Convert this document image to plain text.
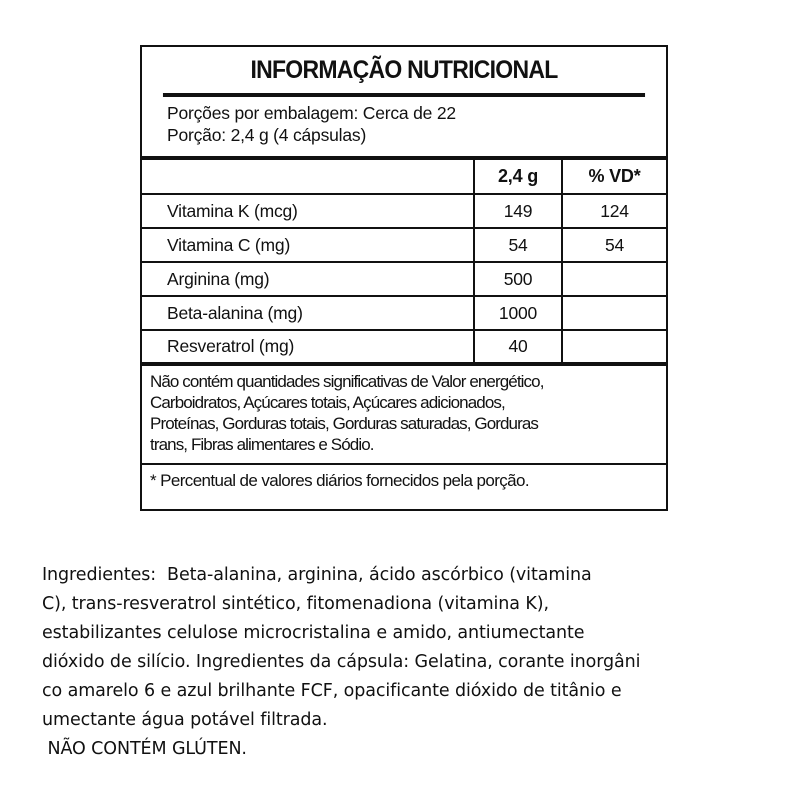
INFORMAÇÃO NUTRICIONAL
Porções por embalagem: Cerca de 22
Porção: 2,4 g (4 cápsulas)
	2,4 g	% VD*
Vitamina K (mcg)	149	124
Vitamina C (mg)	54	54
Arginina (mg)	500	
Beta-alanina (mg)	1000	
Resveratrol (mg)	40	
Não contém quantidades significativas de Valor energético,
Carboidratos, Açúcares totais, Açúcares adicionados,
Proteínas, Gorduras totais, Gorduras saturadas, Gorduras
trans, Fibras alimentares e Sódio.
* Percentual de valores diários fornecidos pela porção.
Ingredientes:  Beta-alanina, arginina, ácido ascórbico (vitamina
C), trans-resveratrol sintético, fitomenadiona (vitamina K),
estabilizantes celulose microcristalina e amido, antiumectante
dióxido de silício. Ingredientes da cápsula: Gelatina, corante inorgâni
co amarelo 6 e azul brilhante FCF, opacificante dióxido de titânio e
umectante água potável filtrada.
NÃO CONTÉM GLÚTEN.
